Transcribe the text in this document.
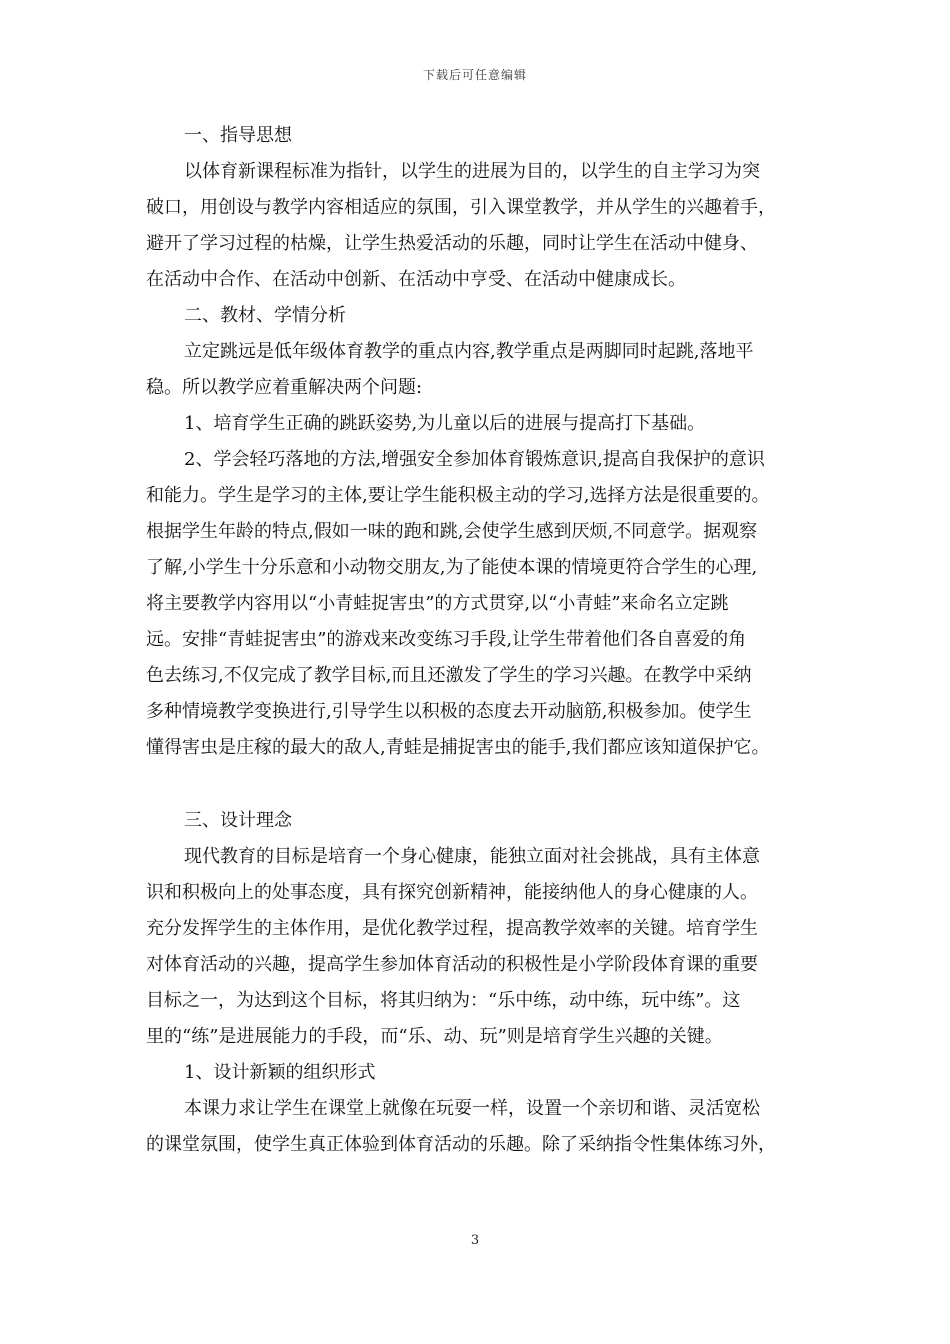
下载后可任意编辑
一、指导思想
以体育新课程标准为指针，以学生的进展为目的，以学生的自主学习为突
破口，用创设与教学内容相适应的氛围，引入课堂教学，并从学生的兴趣着手，
避开了学习过程的枯燥，让学生热爱活动的乐趣，同时让学生在活动中健身、
在活动中合作、在活动中创新、在活动中亨受、在活动中健康成长。
二、教材、学情分析
立定跳远是低年级体育教学的重点内容,教学重点是两脚同时起跳,落地平
稳。所以教学应着重解决两个问题:
1、培育学生正确的跳跃姿势,为儿童以后的进展与提高打下基础。
2、学会轻巧落地的方法,增强安全参加体育锻炼意识,提高自我保护的意识
和能力。学生是学习的主体,要让学生能积极主动的学习,选择方法是很重要的。
根据学生年龄的特点,假如一味的跑和跳,会使学生感到厌烦,不同意学。据观察
了解,小学生十分乐意和小动物交朋友,为了能使本课的情境更符合学生的心理,
将主要教学内容用以“小青蛙捉害虫”的方式贯穿,以“小青蛙”来命名立定跳
远。安排“青蛙捉害虫”的游戏来改变练习手段,让学生带着他们各自喜爱的角
色去练习,不仅完成了教学目标,而且还激发了学生的学习兴趣。在教学中采纳
多种情境教学变换进行,引导学生以积极的态度去开动脑筋,积极参加。使学生
懂得害虫是庄稼的最大的敌人,青蛙是捕捉害虫的能手,我们都应该知道保护它。
三、设计理念
现代教育的目标是培育一个身心健康，能独立面对社会挑战，具有主体意
识和积极向上的处事态度，具有探究创新精神，能接纳他人的身心健康的人。
充分发挥学生的主体作用，是优化教学过程，提高教学效率的关键。培育学生
对体育活动的兴趣，提高学生参加体育活动的积极性是小学阶段体育课的重要
目标之一，为达到这个目标，将其归纳为：“乐中练，动中练，玩中练”。这
里的“练”是进展能力的手段，而“乐、动、玩”则是培育学生兴趣的关键。
1、设计新颖的组织形式
本课力求让学生在课堂上就像在玩耍一样，设置一个亲切和谐、灵活宽松
的课堂氛围，使学生真正体验到体育活动的乐趣。除了采纳指令性集体练习外，
3
